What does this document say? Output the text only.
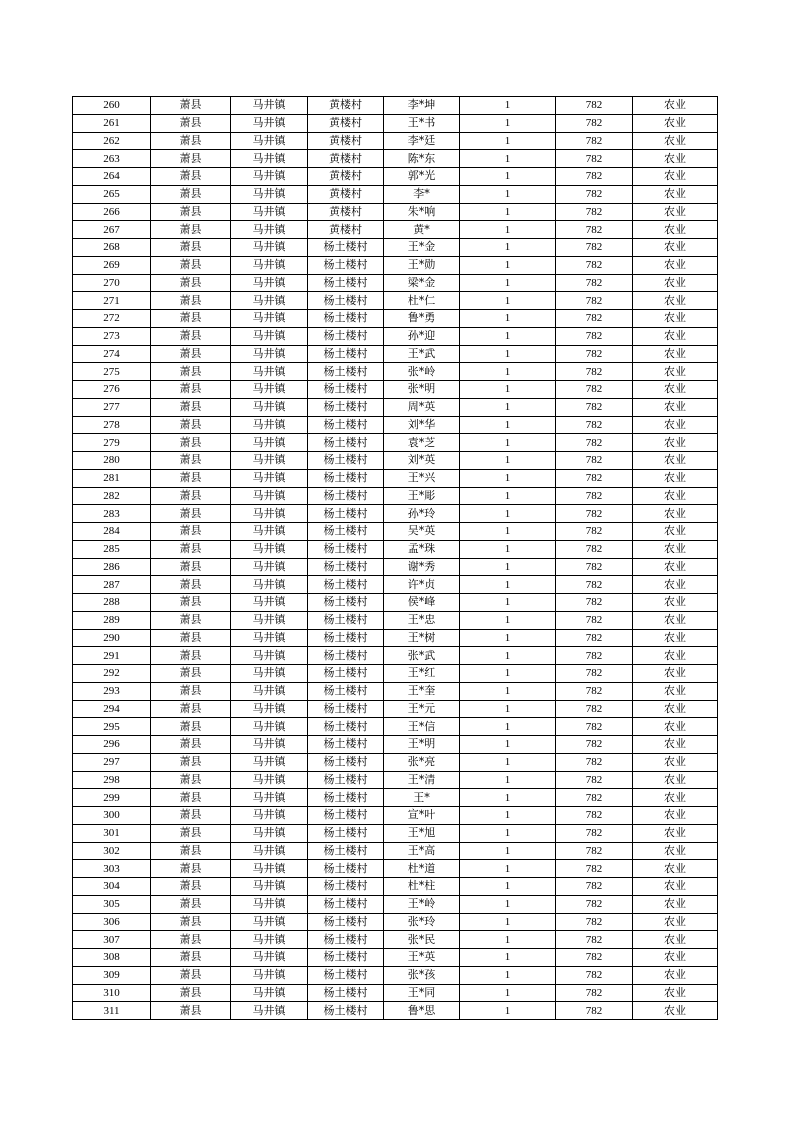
260	萧县	马井镇	黄楼村	李*坤	1	782	农业
261	萧县	马井镇	黄楼村	王*书	1	782	农业
262	萧县	马井镇	黄楼村	李*廷	1	782	农业
263	萧县	马井镇	黄楼村	陈*东	1	782	农业
264	萧县	马井镇	黄楼村	郭*光	1	782	农业
265	萧县	马井镇	黄楼村	李*	1	782	农业
266	萧县	马井镇	黄楼村	朱*响	1	782	农业
267	萧县	马井镇	黄楼村	黄*	1	782	农业
268	萧县	马井镇	杨土楼村	王*金	1	782	农业
269	萧县	马井镇	杨土楼村	王*勋	1	782	农业
270	萧县	马井镇	杨土楼村	梁*金	1	782	农业
271	萧县	马井镇	杨土楼村	杜*仁	1	782	农业
272	萧县	马井镇	杨土楼村	鲁*勇	1	782	农业
273	萧县	马井镇	杨土楼村	孙*迎	1	782	农业
274	萧县	马井镇	杨土楼村	王*武	1	782	农业
275	萧县	马井镇	杨土楼村	张*岭	1	782	农业
276	萧县	马井镇	杨土楼村	张*明	1	782	农业
277	萧县	马井镇	杨土楼村	周*英	1	782	农业
278	萧县	马井镇	杨土楼村	刘*华	1	782	农业
279	萧县	马井镇	杨土楼村	袁*芝	1	782	农业
280	萧县	马井镇	杨土楼村	刘*英	1	782	农业
281	萧县	马井镇	杨土楼村	王*兴	1	782	农业
282	萧县	马井镇	杨土楼村	王*彫	1	782	农业
283	萧县	马井镇	杨土楼村	孙*玲	1	782	农业
284	萧县	马井镇	杨土楼村	吴*英	1	782	农业
285	萧县	马井镇	杨土楼村	孟*珠	1	782	农业
286	萧县	马井镇	杨土楼村	谢*秀	1	782	农业
287	萧县	马井镇	杨土楼村	许*贞	1	782	农业
288	萧县	马井镇	杨土楼村	侯*峰	1	782	农业
289	萧县	马井镇	杨土楼村	王*忠	1	782	农业
290	萧县	马井镇	杨土楼村	王*树	1	782	农业
291	萧县	马井镇	杨土楼村	张*武	1	782	农业
292	萧县	马井镇	杨土楼村	王*红	1	782	农业
293	萧县	马井镇	杨土楼村	王*奎	1	782	农业
294	萧县	马井镇	杨土楼村	王*元	1	782	农业
295	萧县	马井镇	杨土楼村	王*信	1	782	农业
296	萧县	马井镇	杨土楼村	王*明	1	782	农业
297	萧县	马井镇	杨土楼村	张*亮	1	782	农业
298	萧县	马井镇	杨土楼村	王*清	1	782	农业
299	萧县	马井镇	杨土楼村	王*	1	782	农业
300	萧县	马井镇	杨土楼村	宣*叶	1	782	农业
301	萧县	马井镇	杨土楼村	王*旭	1	782	农业
302	萧县	马井镇	杨土楼村	王*高	1	782	农业
303	萧县	马井镇	杨土楼村	杜*道	1	782	农业
304	萧县	马井镇	杨土楼村	杜*柱	1	782	农业
305	萧县	马井镇	杨土楼村	王*岭	1	782	农业
306	萧县	马井镇	杨土楼村	张*玲	1	782	农业
307	萧县	马井镇	杨土楼村	张*民	1	782	农业
308	萧县	马井镇	杨土楼村	王*英	1	782	农业
309	萧县	马井镇	杨土楼村	张*孩	1	782	农业
310	萧县	马井镇	杨土楼村	王*同	1	782	农业
311	萧县	马井镇	杨土楼村	鲁*思	1	782	农业
